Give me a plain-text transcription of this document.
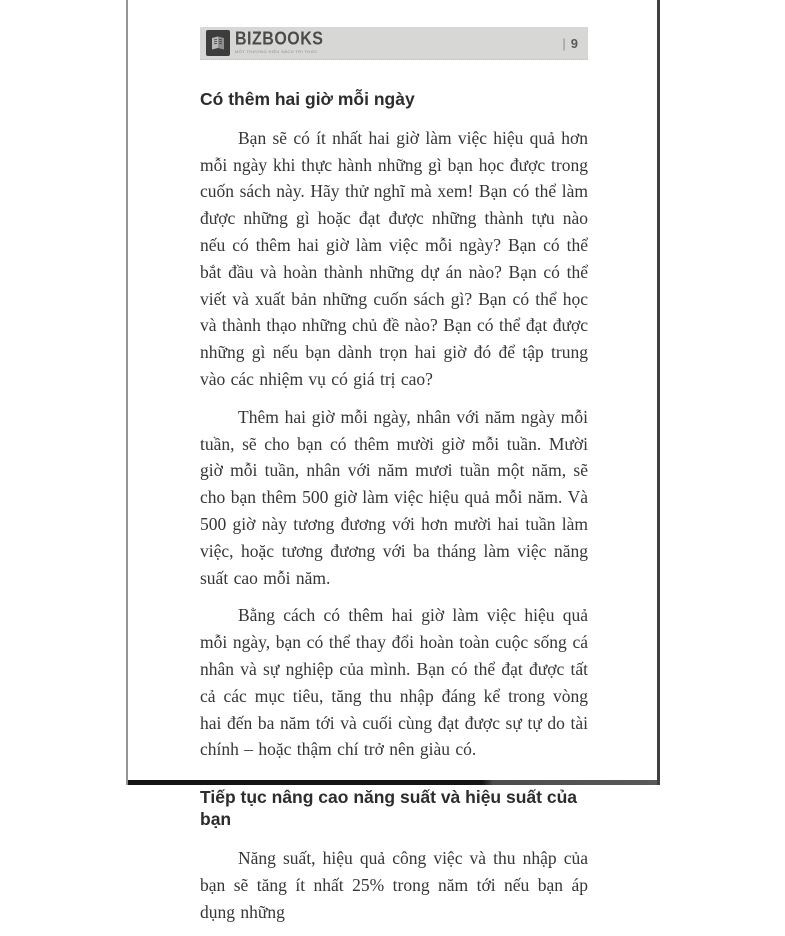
BIZBOOKS
MỘT THƯƠNG HIỆU SÁCH TRI THỨC
| 9
Có thêm hai giờ mỗi ngày

Bạn sẽ có ít nhất hai giờ làm việc hiệu quả hơn mỗi ngày khi thực hành những gì bạn học được trong cuốn sách này. Hãy thử nghĩ mà xem! Bạn có thể làm được những gì hoặc đạt được những thành tựu nào nếu có thêm hai giờ làm việc mỗi ngày? Bạn có thể bắt đầu và hoàn thành những dự án nào? Bạn có thể viết và xuất bản những cuốn sách gì? Bạn có thể học và thành thạo những chủ đề nào? Bạn có thể đạt được những gì nếu bạn dành trọn hai giờ đó để tập trung vào các nhiệm vụ có giá trị cao?

Thêm hai giờ mỗi ngày, nhân với năm ngày mỗi tuần, sẽ cho bạn có thêm mười giờ mỗi tuần. Mười giờ mỗi tuần, nhân với năm mươi tuần một năm, sẽ cho bạn thêm 500 giờ làm việc hiệu quả mỗi năm. Và 500 giờ này tương đương với hơn mười hai tuần làm việc, hoặc tương đương với ba tháng làm việc năng suất cao mỗi năm.

Bằng cách có thêm hai giờ làm việc hiệu quả mỗi ngày, bạn có thể thay đổi hoàn toàn cuộc sống cá nhân và sự nghiệp của mình. Bạn có thể đạt được tất cả các mục tiêu, tăng thu nhập đáng kể trong vòng hai đến ba năm tới và cuối cùng đạt được sự tự do tài chính – hoặc thậm chí trở nên giàu có.

Tiếp tục nâng cao năng suất và hiệu suất của bạn

Năng suất, hiệu quả công việc và thu nhập của bạn sẽ tăng ít nhất 25% trong năm tới nếu bạn áp dụng những
